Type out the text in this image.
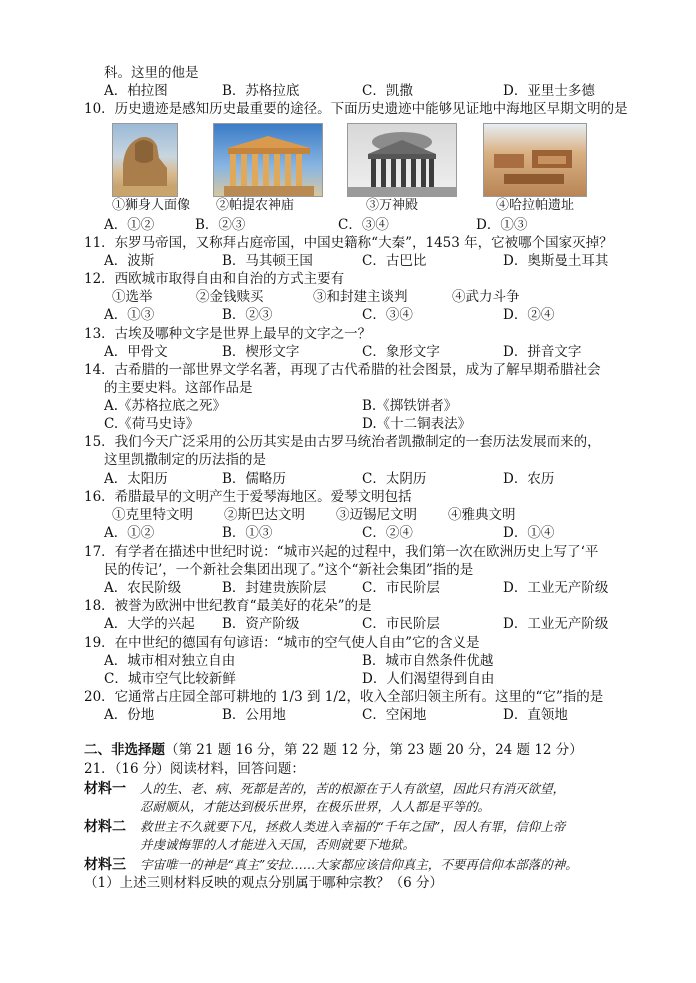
科。这里的他是
A．柏拉图	B．苏格拉底	C．凯撒	D．亚里士多德
10．历史遗迹是感知历史最重要的途径。下面历史遗迹中能够见证地中海地区早期文明的是
①狮身人面像 ②帕提农神庙	③万神殿	④哈拉帕遗址
A．①②	B．②③	C．③④	D．①③
11．东罗马帝国，又称拜占庭帝国，中国史籍称“大秦”，1453 年，它被哪个国家灭掉？
A．波斯	B．马其顿王国	C．古巴比	D．奥斯曼土耳其
12．西欧城市取得自由和自治的方式主要有
①选举	②金钱赎买	③和封建主谈判	④武力斗争
A．①③	B．②③	C．③④	D．②④
13．古埃及哪种文字是世界上最早的文字之一？
A．甲骨文	B．楔形文字	C．象形文字	D．拼音文字
14．古希腊的一部世界文学名著，再现了古代希腊的社会图景，成为了解早期希腊社会
的主要史料。这部作品是
A.《苏格拉底之死》	B.《掷铁饼者》
C.《荷马史诗》	D.《十二铜表法》
15．我们今天广泛采用的公历其实是由古罗马统治者凯撒制定的一套历法发展而来的，
这里凯撒制定的历法指的是
A．太阳历	B．儒略历	C．太阴历	D．农历
16．希腊最早的文明产生于爱琴海地区。爱琴文明包括
①克里特文明 ②斯巴达文明 ③迈锡尼文明 ④雅典文明
A．①②	B．①③	C．②④	D．①④
17．有学者在描述中世纪时说：“城市兴起的过程中，我们第一次在欧洲历史上写了‘平
民的传记’，一个新社会集团出现了。”这个“新社会集团”指的是
A．农民阶级	B．封建贵族阶层	C．市民阶层	D．工业无产阶级
18．被誉为欧洲中世纪教育“最美好的花朵”的是
A．大学的兴起 B．资产阶级	C．市民阶层	D．工业无产阶级
19．在中世纪的德国有句谚语：“城市的空气使人自由”它的含义是
A．城市相对独立自由	B．城市自然条件优越
C．城市空气比较新鲜	D．人们渴望得到自由
20．它通常占庄园全部可耕地的 1/3 到 1/2，收入全部归领主所有。这里的“它”指的是
A．份地	B．公用地	C．空闲地	D．直领地
二、非选择题（第 21 题 16 分，第 22 题 12 分，第 23 题 20 分，24 题 12 分）
21．（16 分）阅读材料，回答问题：
材料一 人的生、老、病、死都是苦的，苦的根源在于人有欲望，因此只有消灭欲望，
忍耐顺从，才能达到极乐世界，在极乐世界，人人都是平等的。
材料二 救世主不久就要下凡，拯救人类进入幸福的“千年之国”，因人有罪，信仰上帝
并虔诚悔罪的人才能进入天国，否则就要下地狱。
材料三 宇宙唯一的神是“真主”安拉……大家都应该信仰真主，不要再信仰本部落的神。
（1）上述三则材料反映的观点分别属于哪种宗教？（6 分）
